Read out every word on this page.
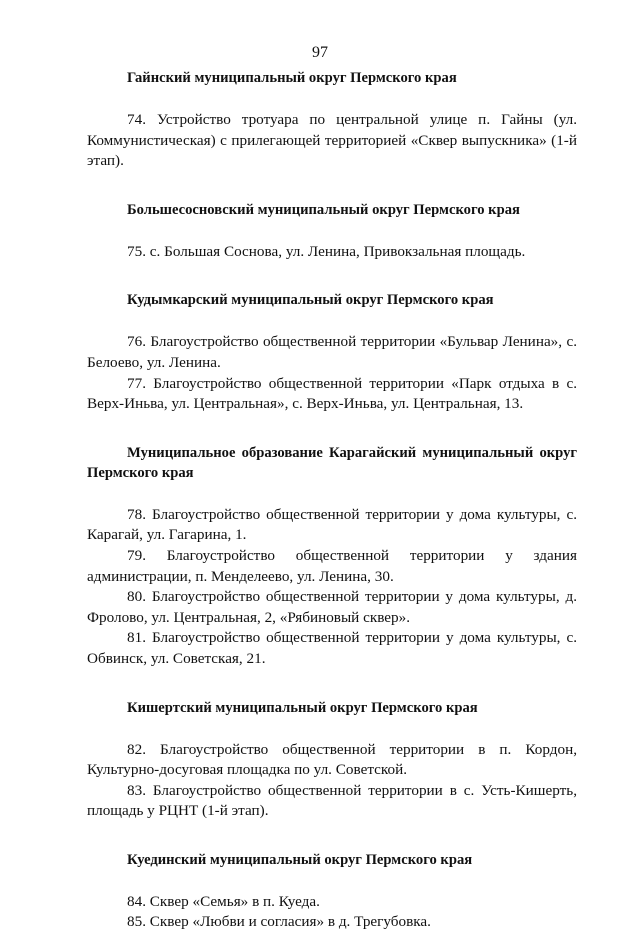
97

Гайнский муниципальный округ Пермского края

74. Устройство тротуара по центральной улице п. Гайны (ул. Коммунистическая) с прилегающей территорией «Сквер выпускника» (1-й этап).

Большесосновский муниципальный округ Пермского края

75. с. Большая Соснова, ул. Ленина, Привокзальная площадь.

Кудымкарский муниципальный округ Пермского края

76. Благоустройство общественной территории «Бульвар Ленина», с. Белоево, ул. Ленина.

77. Благоустройство общественной территории «Парк отдыха в с. Верх-Иньва, ул. Центральная», с. Верх-Иньва, ул. Центральная, 13.

Муниципальное образование Карагайский муниципальный округ Пермского края

78. Благоустройство общественной территории у дома культуры, с. Карагай, ул. Гагарина, 1.

79. Благоустройство общественной территории у здания администрации, п. Менделеево, ул. Ленина, 30.

80. Благоустройство общественной территории у дома культуры, д. Фролово, ул. Центральная, 2, «Рябиновый сквер».

81. Благоустройство общественной территории у дома культуры, с. Обвинск, ул. Советская, 21.

Кишертский муниципальный округ Пермского края

82. Благоустройство общественной территории в п. Кордон, Культурно-досуговая площадка по ул. Советской.

83. Благоустройство общественной территории в с. Усть-Кишерть, площадь у РЦНТ (1-й этап).

Куединский муниципальный округ Пермского края

84. Сквер «Семья» в п. Куеда.

85. Сквер «Любви и согласия» в д. Трегубовка.
